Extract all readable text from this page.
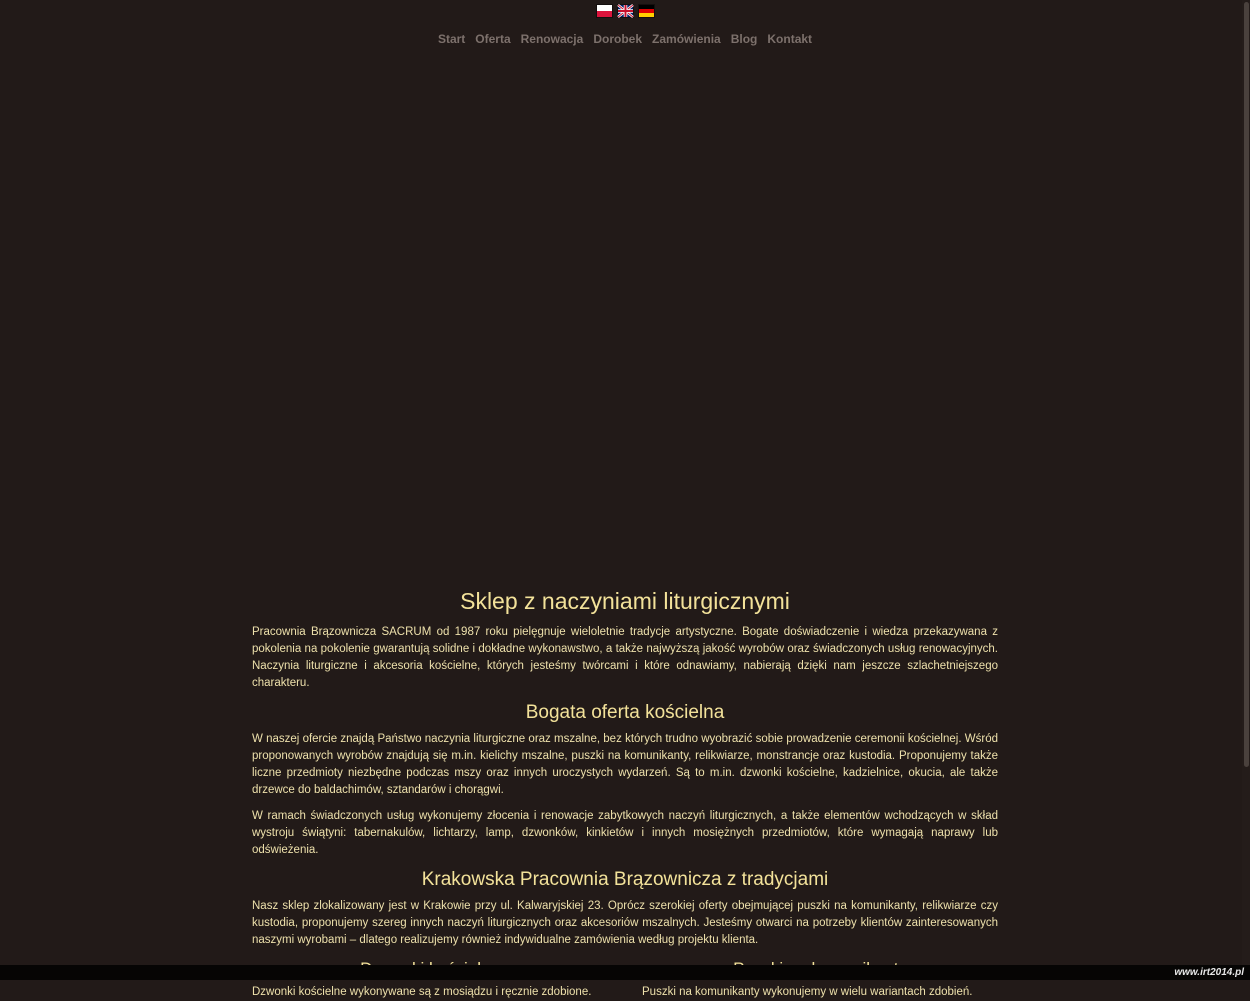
Start Oferta Renowacja Dorobek Zamówienia Blog Kontakt
Sklep z naczyniami liturgicznymi

Pracownia Brązownicza SACRUM od 1987 roku pielęgnuje wieloletnie tradycje artystyczne. Bogate doświadczenie i wiedza przekazywana z pokolenia na pokolenie gwarantują solidne i dokładne wykonawstwo, a także najwyższą jakość wyrobów oraz świadczonych usług renowacyjnych. Naczynia liturgiczne i akcesoria kościelne, których jesteśmy twórcami i które odnawiamy, nabierają dzięki nam jeszcze szlachetniejszego charakteru.

Bogata oferta kościelna

W naszej ofercie znajdą Państwo naczynia liturgiczne oraz mszalne, bez których trudno wyobrazić sobie prowadzenie ceremonii kościelnej. Wśród proponowanych wyrobów znajdują się m.in. kielichy mszalne, puszki na komunikanty, relikwiarze, monstrancje oraz kustodia. Proponujemy także liczne przedmioty niezbędne podczas mszy oraz innych uroczystych wydarzeń. Są to m.in. dzwonki kościelne, kadzielnice, okucia, ale także drzewce do baldachimów, sztandarów i chorągwi.

W ramach świadczonych usług wykonujemy złocenia i renowacje zabytkowych naczyń liturgicznych, a także elementów wchodzących w skład wystroju świątyni: tabernakulów, lichtarzy, lamp, dzwonków, kinkietów i innych mosiężnych przedmiotów, które wymagają naprawy lub odświeżenia.

Krakowska Pracownia Brązownicza z tradycjami

Nasz sklep zlokalizowany jest w Krakowie przy ul. Kalwaryjskiej 23. Oprócz szerokiej oferty obejmującej puszki na komunikanty, relikwiarze czy kustodia, proponujemy szereg innych naczyń liturgicznych oraz akcesoriów mszalnych. Jesteśmy otwarci na potrzeby klientów zainteresowanych naszymi wyrobami – dlatego realizujemy również indywidualne zamówienia według projektu klienta.

Dzwonki kościelne wykonywane są z mosiądzu i ręcznie zdobione.	Puszki na komunikanty wykonujemy w wielu wariantach zdobień.

www.irt2014.pl
